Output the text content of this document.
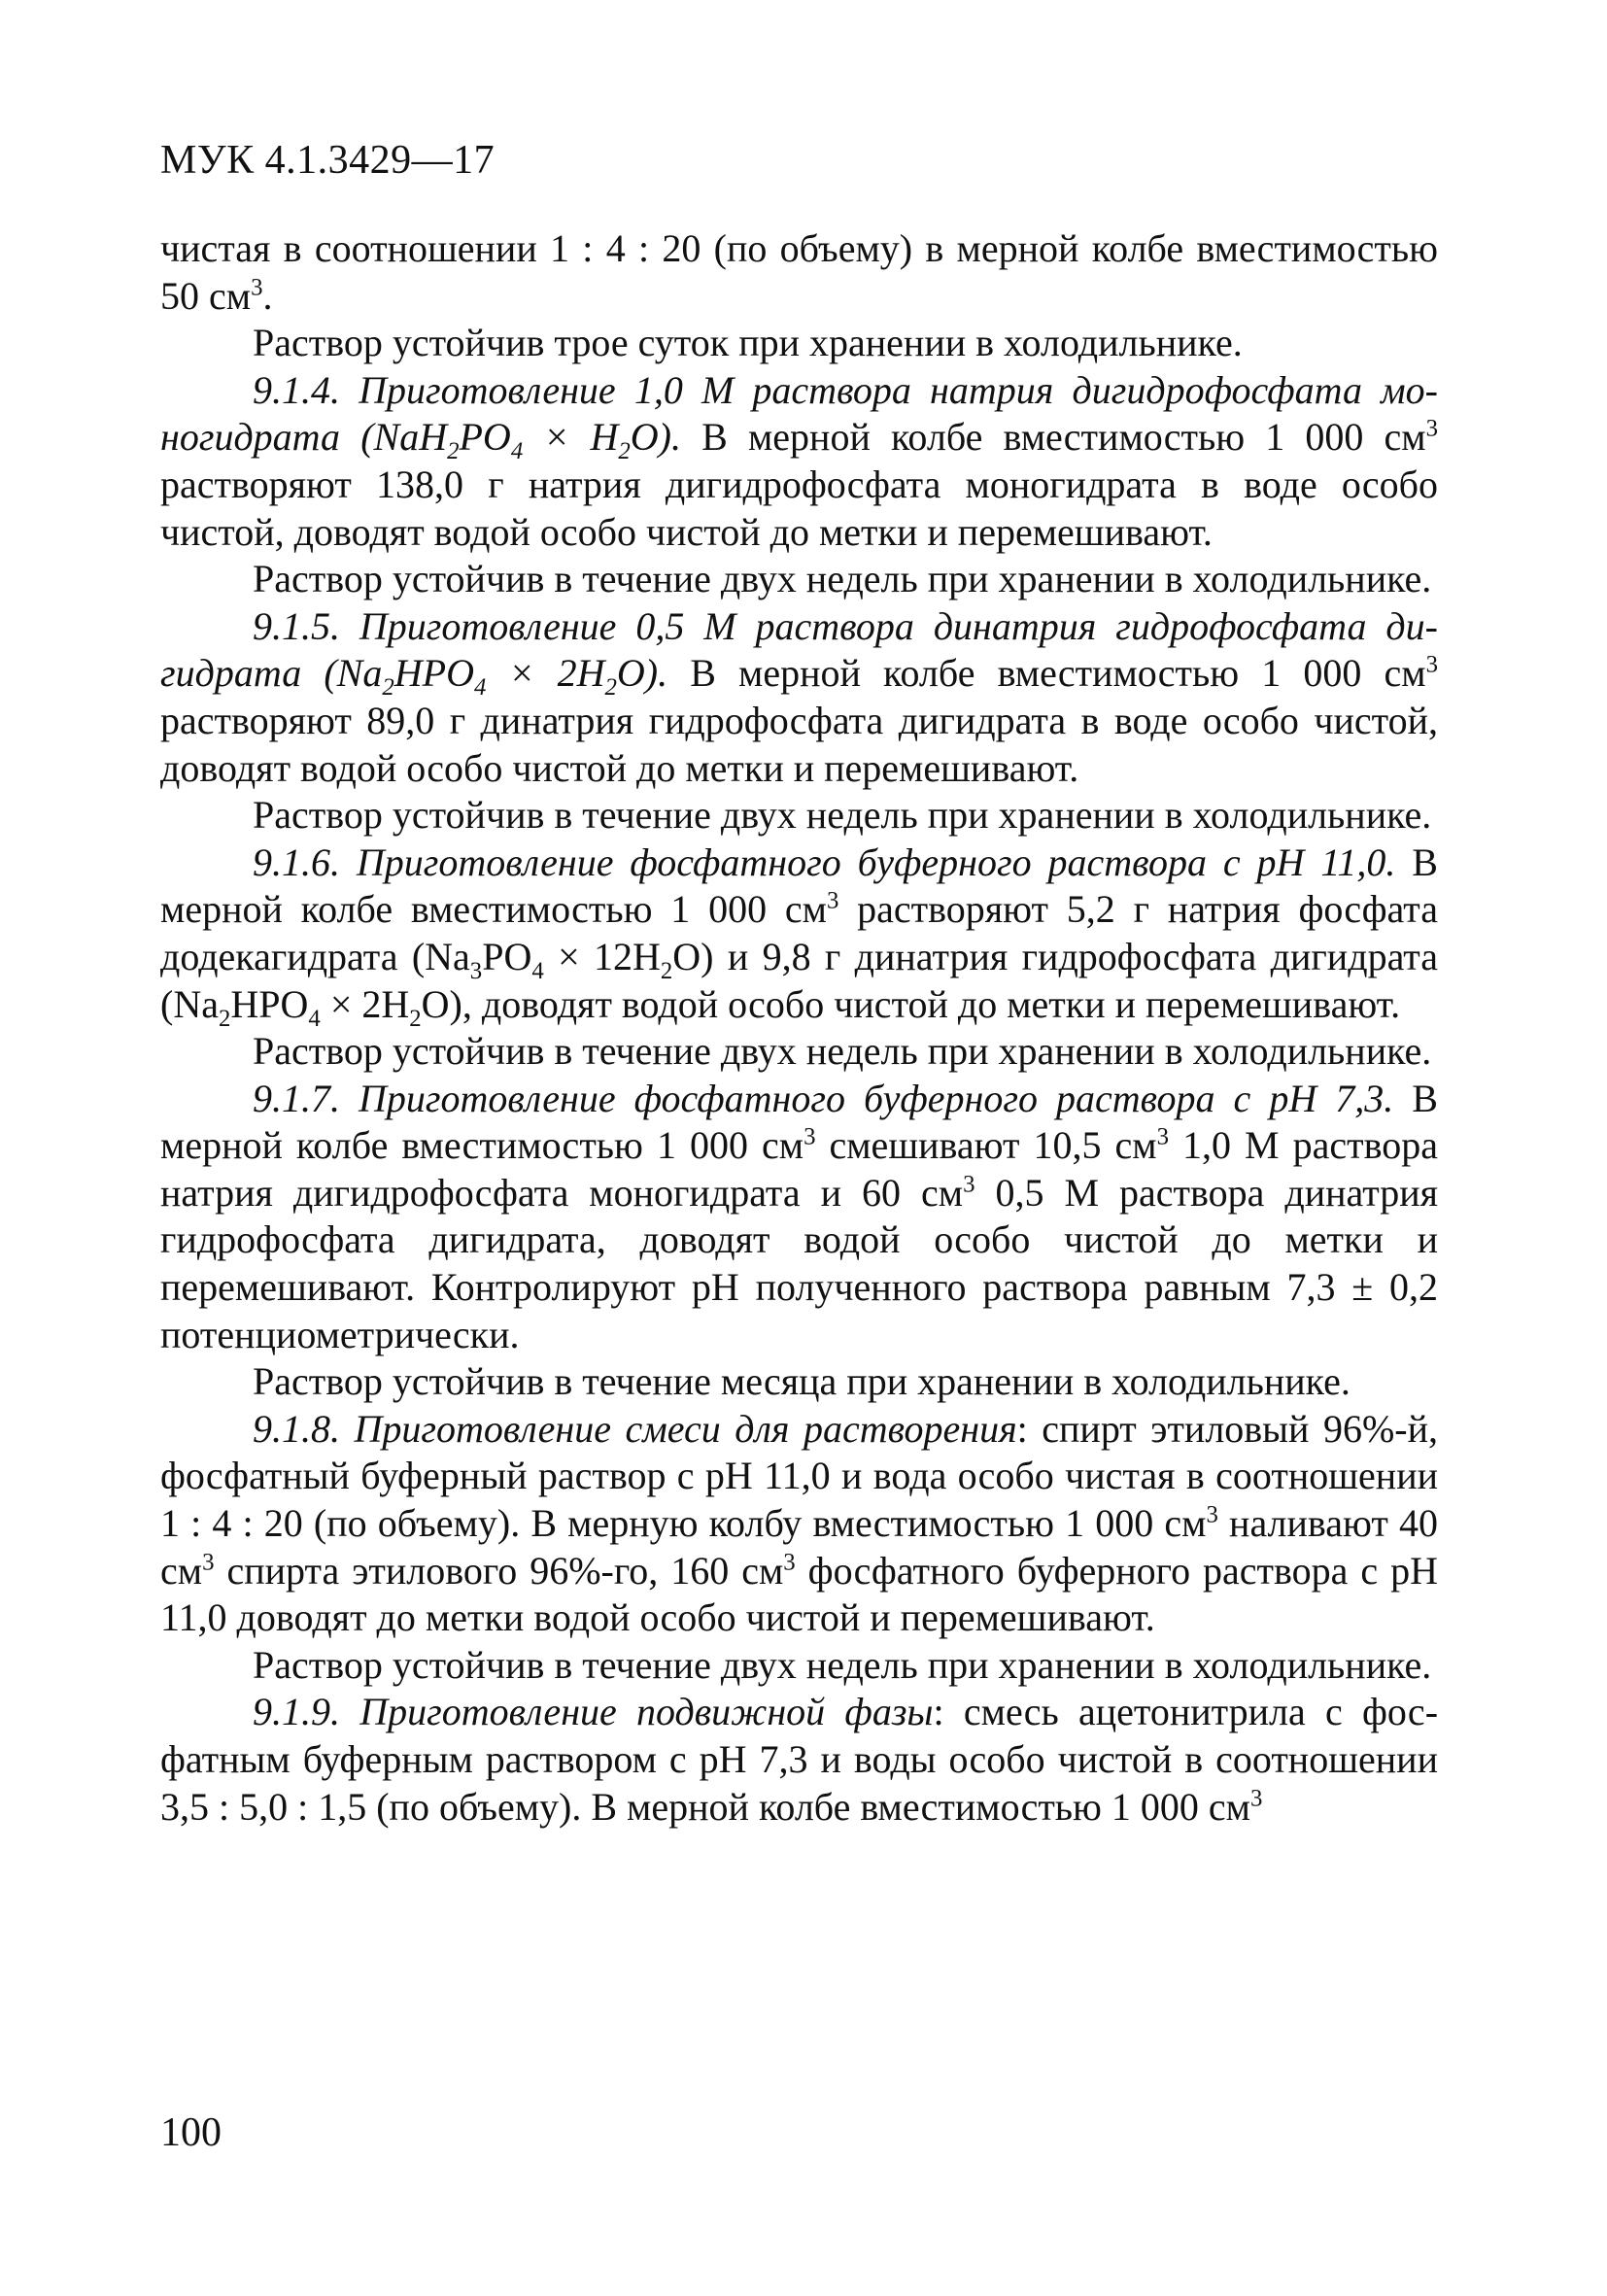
МУК 4.1.3429—17

чистая в соотношении 1 : 4 : 20 (по объему) в мерной колбе вместимостью 50 $см^3$.

Раствор устойчив трое суток при хранении в холодильнике.

9.1.4. Приготовление 1,0 М раствора натрия дигидрофосфата моногидрата $(NaH_2PO_4 \times H_2O)$. В мерной колбе вместимостью 1 000 $см^3$ растворяют 138,0 г натрия дигидрофосфата моногидрата в воде особо чистой, доводят водой особо чистой до метки и перемешивают.

Раствор устойчив в течение двух недель при хранении в холодильнике.

9.1.5. Приготовление 0,5 М раствора динатрия гидрофосфата дигидрата $(Na_2HPO_4 \times 2H_2O)$. В мерной колбе вместимостью 1 000 $см^3$ растворяют 89,0 г динатрия гидрофосфата дигидрата в воде особо чистой, доводят водой особо чистой до метки и перемешивают.

Раствор устойчив в течение двух недель при хранении в холодильнике.

9.1.6. Приготовление фосфатного буферного раствора с рН 11,0. В мерной колбе вместимостью 1 000 $см^3$ растворяют 5,2 г натрия фосфата додекагидрата $(Na_3PO_4 \times 12H_2O)$ и 9,8 г динатрия гидрофосфата дигидрата $(Na_2HPO_4 \times 2H_2O)$, доводят водой особо чистой до метки и перемешивают.

Раствор устойчив в течение двух недель при хранении в холодильнике.

9.1.7. Приготовление фосфатного буферного раствора с рН 7,3. В мерной колбе вместимостью 1 000 $см^3$ смешивают 10,5 $см^3$ 1,0 М раствора натрия дигидрофосфата моногидрата и 60 $см^3$ 0,5 М раствора динатрия гидрофосфата дигидрата, доводят водой особо чистой до метки и перемешивают. Контролируют рН полученного раствора равным 7,3 ± 0,2 потенциометрически.

Раствор устойчив в течение месяца при хранении в холодильнике.

9.1.8. Приготовление смеси для растворения: спирт этиловый 96%-й, фосфатный буферный раствор с рН 11,0 и вода особо чистая в соотношении 1 : 4 : 20 (по объему). В мерную колбу вместимостью 1 000 $см^3$ наливают 40 $см^3$ спирта этилового 96%-го, 160 $см^3$ фосфатного буферного раствора с рН 11,0 доводят до метки водой особо чистой и перемешивают.

Раствор устойчив в течение двух недель при хранении в холодильнике.

9.1.9. Приготовление подвижной фазы: смесь ацетонитрила с фосфатным буферным раствором с рН 7,3 и воды особо чистой в соотношении 3,5 : 5,0 : 1,5 (по объему). В мерной колбе вместимостью 1 000 $см^3$

100
